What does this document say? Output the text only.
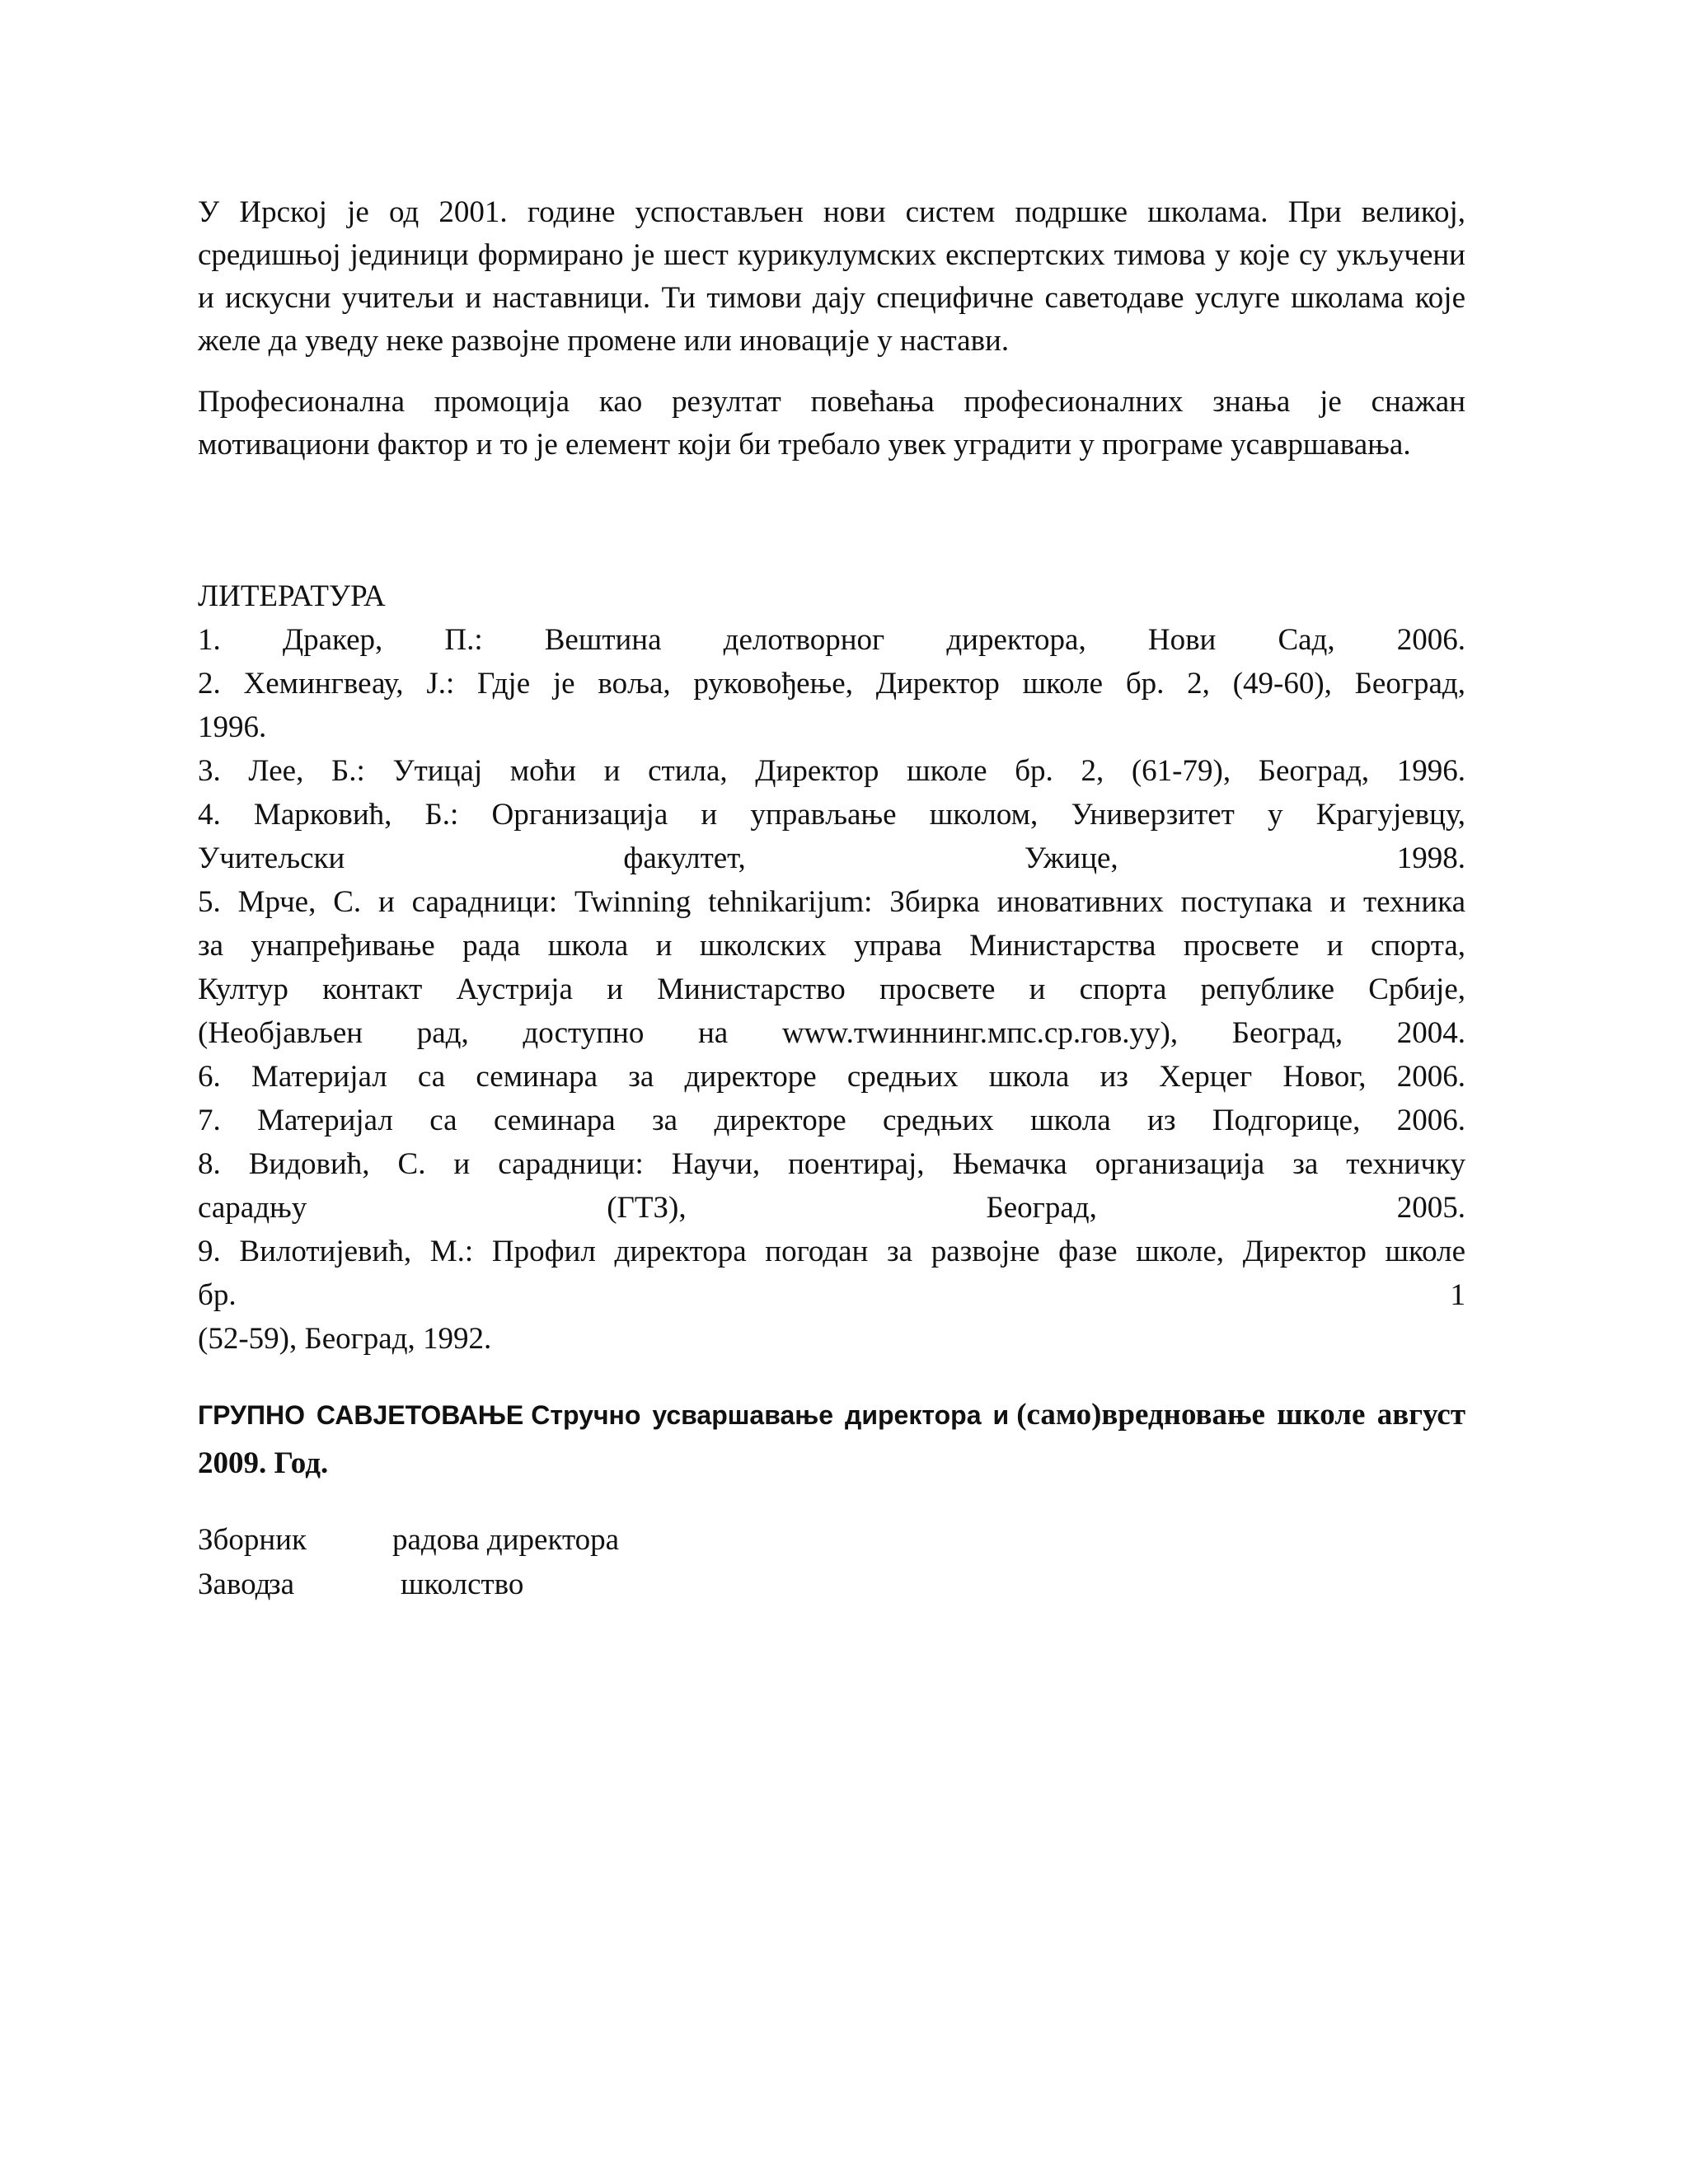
У Ирској је од 2001. године успостављен нови систем подршке школама. При великој, средишњој јединици формирано је шест курикулумских експертских тимова у које су укључени и искусни учитељи и наставници. Ти тимови дају специфичне саветодаве услуге школама које желе да уведу неке развојне промене или иновације у настави.

Професионална промоција као резултат повећања професионалних знања је снажан мотивациони фактор и то је елемент који би требало увек уградити у програме усавршавања.

ЛИТЕРАТУРА
1. Дракер, П.: Вештина делотворног директора, Нови Сад, 2006.
2. Хемингвеау, Ј.: Гдје је воља, руковођење, Директор школе бр. 2, (49-60), Београд,
1996.
3. Лее, Б.: Утицај моћи и стила, Директор школе бр. 2, (61-79), Београд, 1996.
4. Марковић, Б.: Организација и управљање школом, Универзитет у Крагујевцу,
Учитељски факултет, Ужице, 1998.
5. Мрче, С. и сарадници: Twinning tehnikarijum: Збирка иновативних поступака и техника
за унапређивање рада школа и школских управа Министарства просвете и спорта,
Култур контакт Аустрија и Министарство просвете и спорта републике Србије,
(Необјављен рад, доступно на www.тwиннинг.мпс.ср.гов.уу), Београд, 2004.
6. Материјал са семинара за директоре средњих школа из Херцег Новог, 2006.
7. Материјал са семинара за директоре средњих школа из Подгорице, 2006.
8. Видовић, С. и сарадници: Научи, поентирај, Њемачка организација за техничку
сарадњу (ГТЗ), Београд, 2005.
9. Вилотијевић, М.: Профил директора погодан за развојне фазе школе, Директор школе
бр. 1
(52-59), Београд, 1992.
ГРУПНО САВЈЕТОВАЊЕ Стручно усваршавање директора и (само)вредновање школе август
2009. Год.
Зборник	радова директора
Завод
за	школство
